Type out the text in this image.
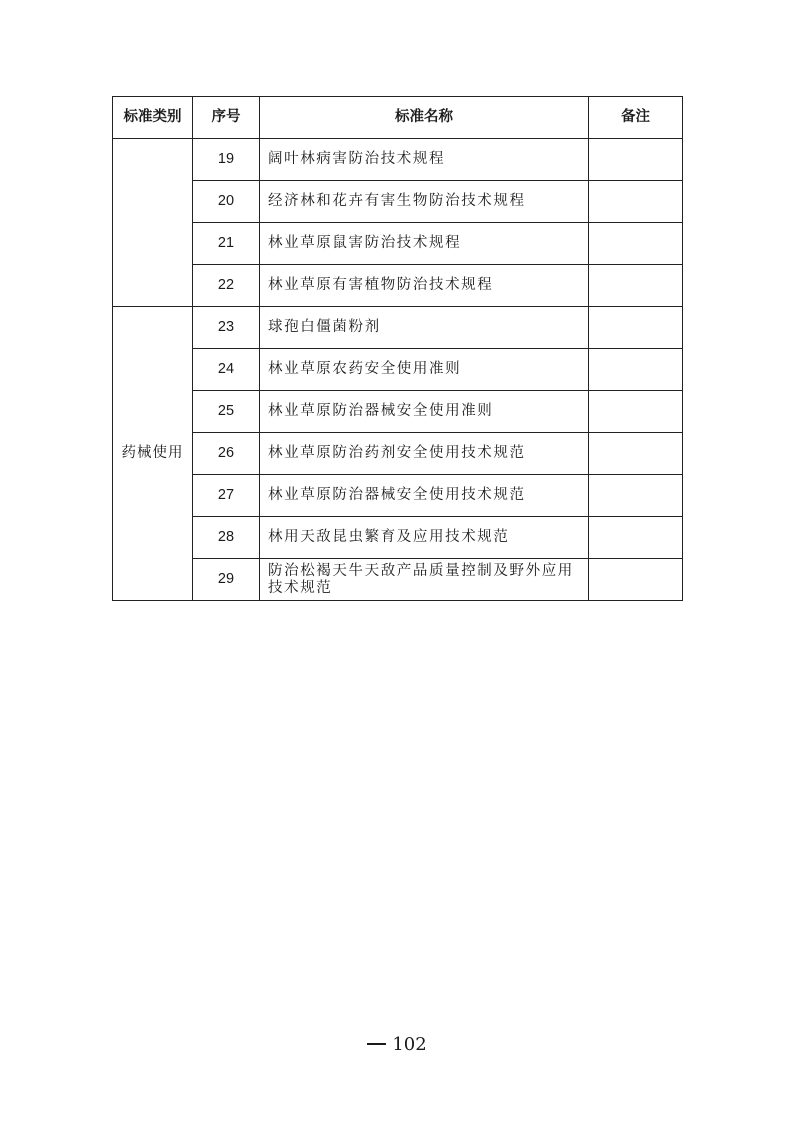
标准类别	序号	标准名称	备注
	19	阔叶林病害防治技术规程	
	20	经济林和花卉有害生物防治技术规程	
	21	林业草原鼠害防治技术规程	
	22	林业草原有害植物防治技术规程	
药械使用	23	球孢白僵菌粉剂	
	24	林业草原农药安全使用准则	
	25	林业草原防治器械安全使用准则	
	26	林业草原防治药剂安全使用技术规范	
	27	林业草原防治器械安全使用技术规范	
	28	林用天敌昆虫繁育及应用技术规范	
	29	防治松褐天牛天敌产品质量控制及野外应用技术规范	
102
